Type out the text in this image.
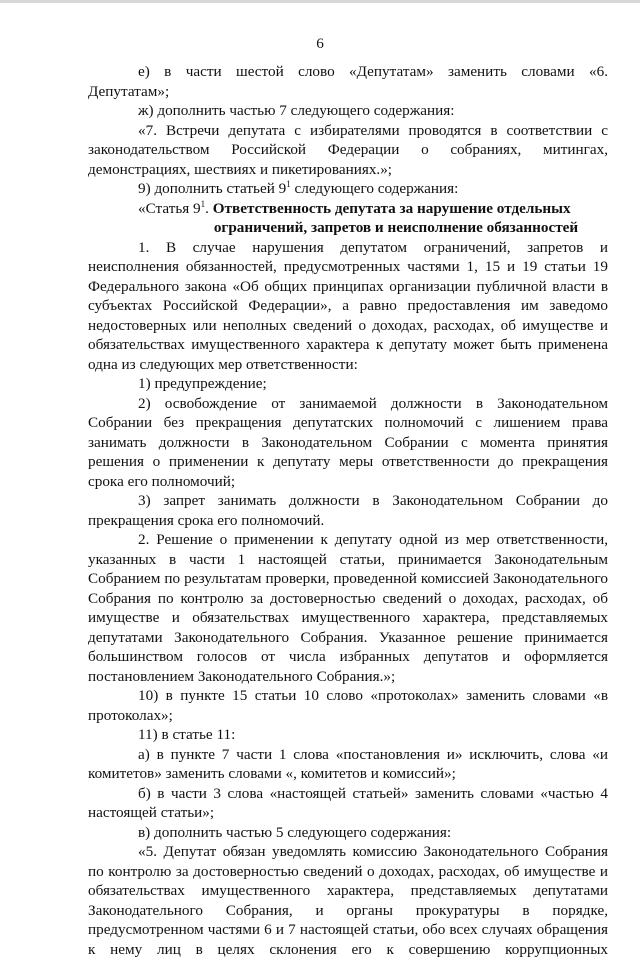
6

е) в части шестой слово «Депутатам» заменить словами «6. Депутатам»;

ж) дополнить частью 7 следующего содержания:

«7. Встречи депутата с избирателями проводятся в соответствии с законодательством Российской Федерации о собраниях, митингах, демонстрациях, шествиях и пикетированиях.»;

9) дополнить статьей $9^1$ следующего содержания:

«Статья $9^1$. Ответственность депутата за нарушение отдельных
ограничений, запретов и неисполнение обязанностей

1. В случае нарушения депутатом ограничений, запретов и неисполнения обязанностей, предусмотренных частями 1, 15 и 19 статьи 19 Федерального закона «Об общих принципах организации публичной власти в субъектах Российской Федерации», а равно предоставления им заведомо недостоверных или неполных сведений о доходах, расходах, об имуществе и обязательствах имущественного характера к депутату может быть применена одна из следующих мер ответственности:

1) предупреждение;

2) освобождение от занимаемой должности в Законодательном Собрании без прекращения депутатских полномочий с лишением права занимать должности в Законодательном Собрании с момента принятия решения о применении к депутату меры ответственности до прекращения срока его полномочий;

3) запрет занимать должности в Законодательном Собрании до прекращения срока его полномочий.

2. Решение о применении к депутату одной из мер ответственности, указанных в части 1 настоящей статьи, принимается Законодательным Собранием по результатам проверки, проведенной комиссией Законодательного Собрания по контролю за достоверностью сведений о доходах, расходах, об имуществе и обязательствах имущественного характера, представляемых депутатами Законодательного Собрания. Указанное решение принимается большинством голосов от числа избранных депутатов и оформляется постановлением Законодательного Собрания.»;

10) в пункте 15 статьи 10 слово «протоколах» заменить словами «в протоколах»;

11) в статье 11:

а) в пункте 7 части 1 слова «постановления и» исключить, слова «и комитетов» заменить словами «, комитетов и комиссий»;

б) в части 3 слова «настоящей статьей» заменить словами «частью 4 настоящей статьи»;

в) дополнить частью 5 следующего содержания:

«5. Депутат обязан уведомлять комиссию Законодательного Собрания по контролю за достоверностью сведений о доходах, расходах, об имуществе и обязательствах имущественного характера, представляемых депутатами Законодательного Собрания, и органы прокуратуры в порядке, предусмотренном частями 6 и 7 настоящей статьи, обо всех случаях обращения к нему лиц в целях склонения его к совершению коррупционных
